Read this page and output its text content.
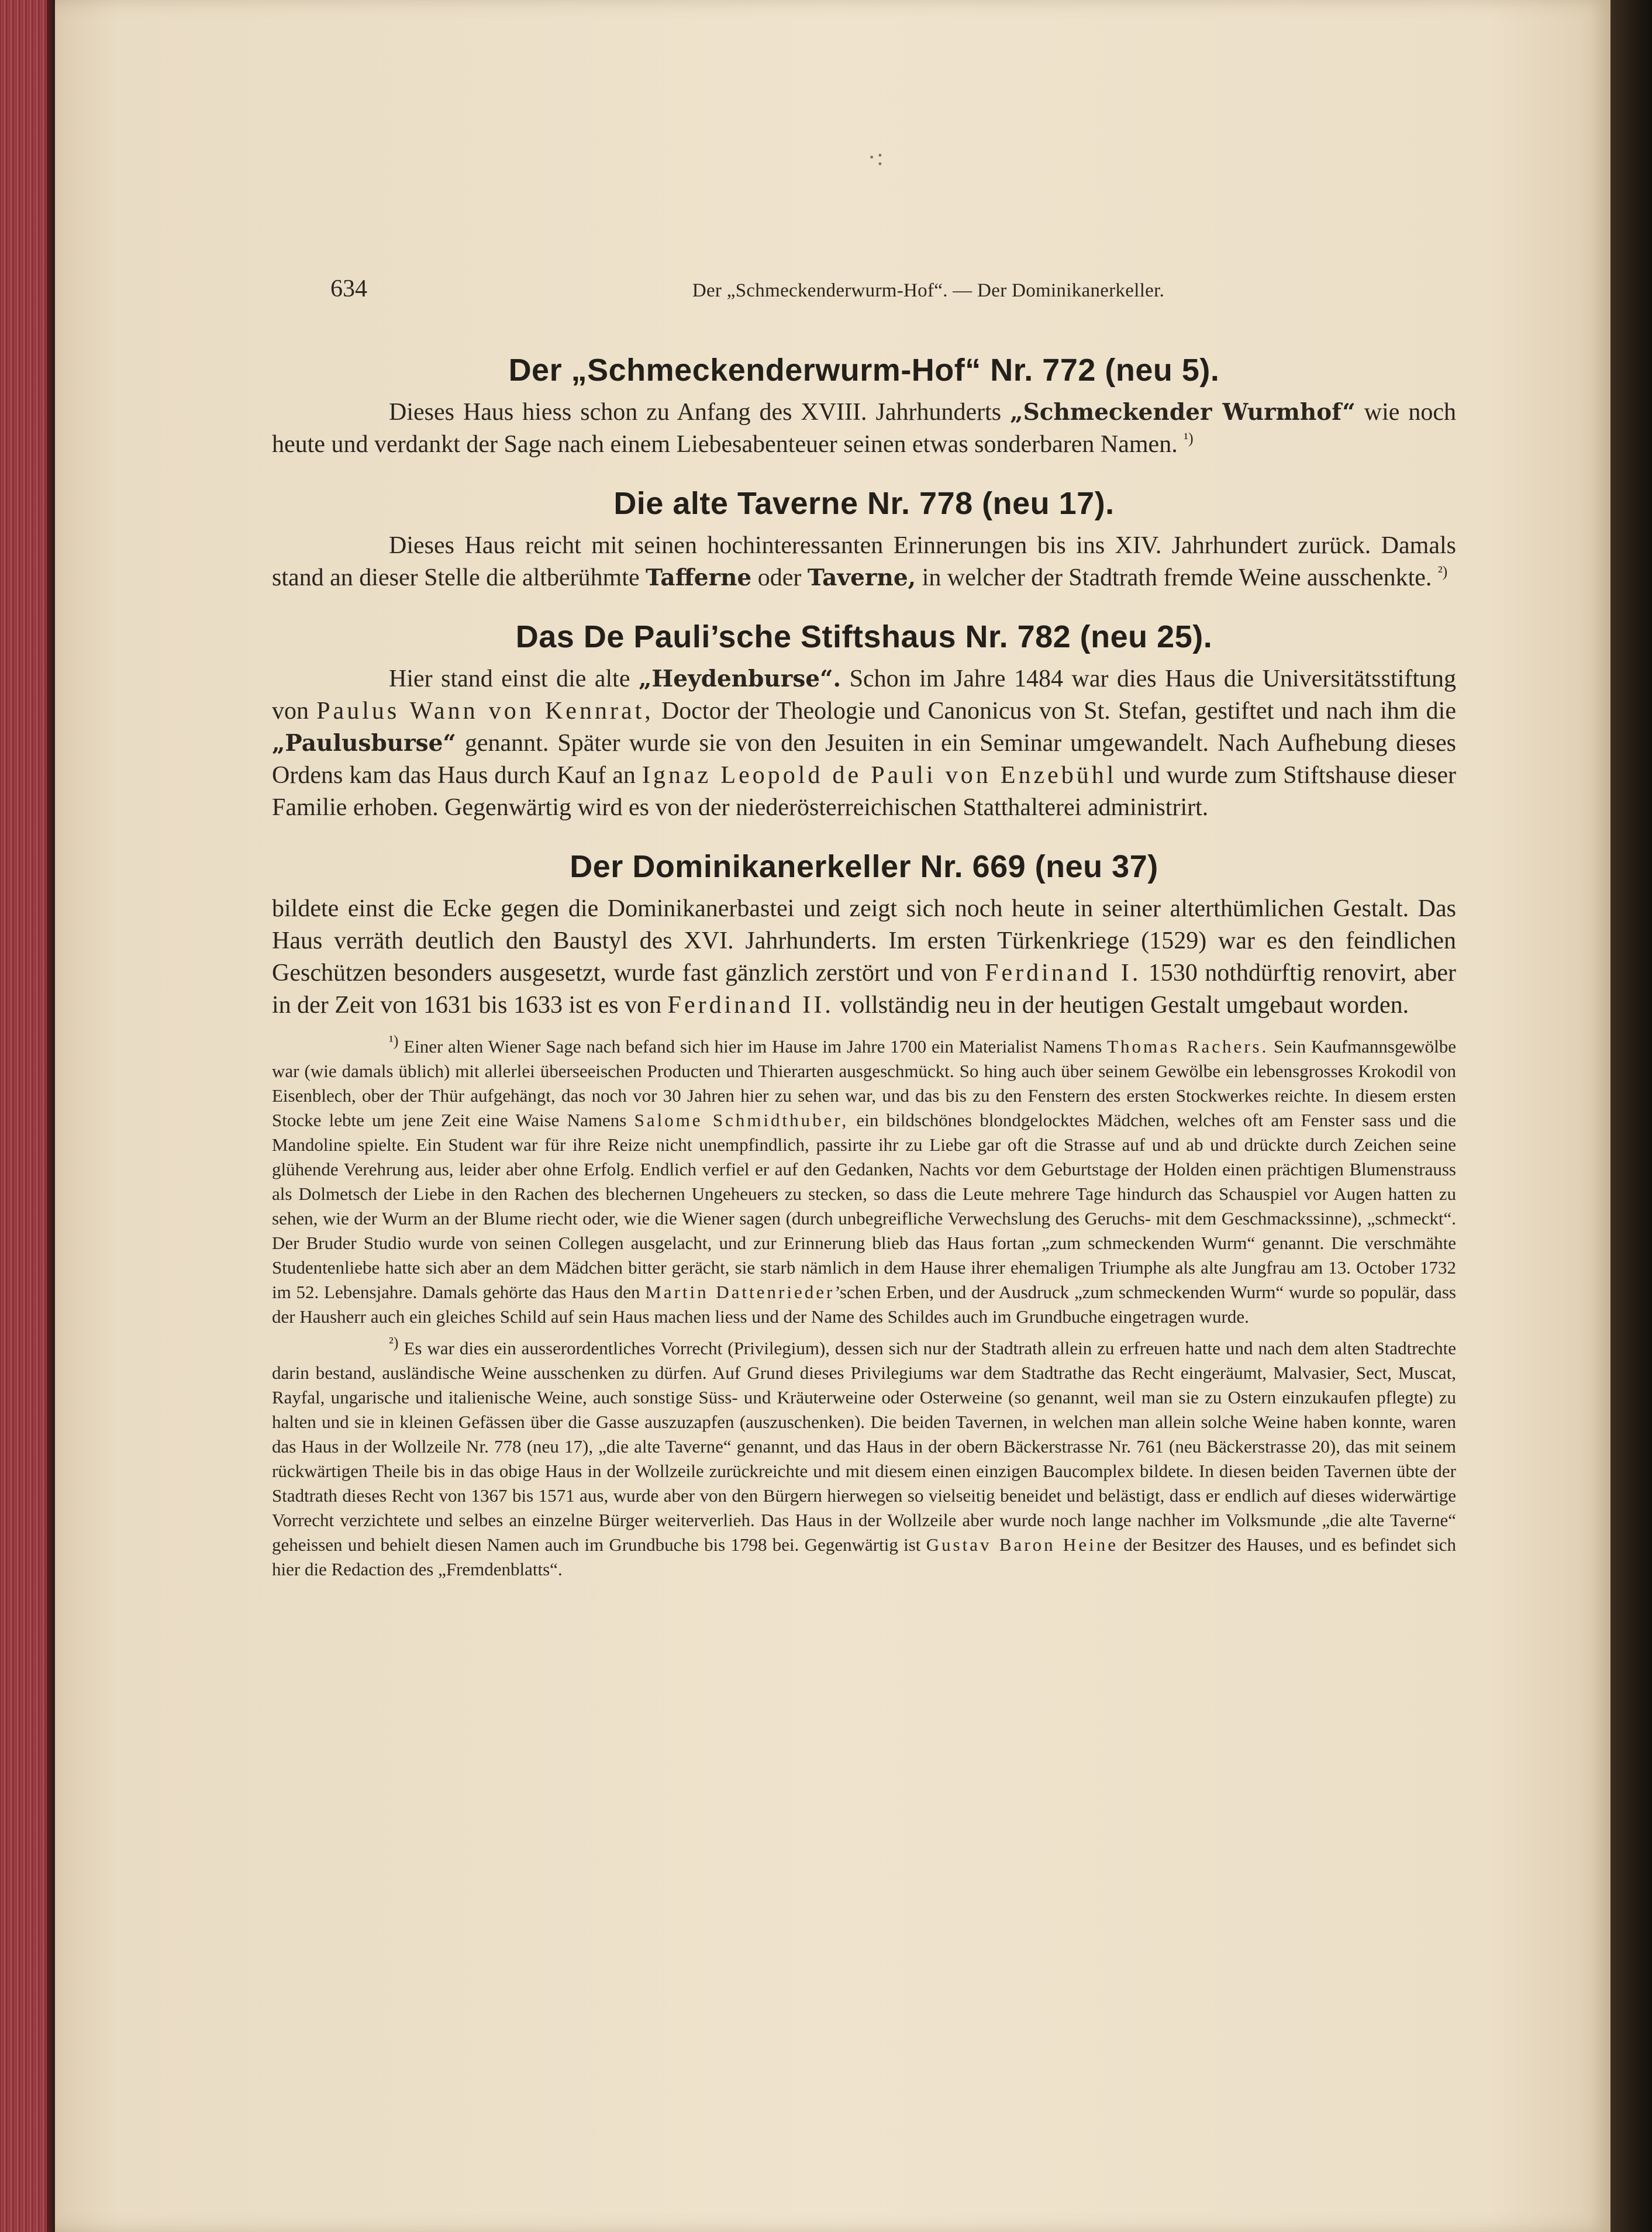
·:
634	Der „Schmeckenderwurm-Hof“. — Der Dominikanerkeller.
Der „Schmeckenderwurm-Hof“ Nr. 772 (neu 5).

Dieses Haus hiess schon zu Anfang des XVIII. Jahrhunderts „Schmeckender Wurmhof“ wie noch heute und verdankt der Sage nach einem Liebesabenteuer seinen etwas sonderbaren Namen. $^{^1)}$

Die alte Taverne Nr. 778 (neu 17).

Dieses Haus reicht mit seinen hochinteressanten Erinnerungen bis ins XIV. Jahrhundert zurück. Damals stand an dieser Stelle die altberühmte Tafferne oder Taverne, in welcher der Stadtrath fremde Weine ausschenkte. $^{^2)}$

Das De Pauli’sche Stiftshaus Nr. 782 (neu 25).

Hier stand einst die alte „Heydenburse“. Schon im Jahre 1484 war dies Haus die Universitätsstiftung von Paulus Wann von Kennrat, Doctor der Theologie und Canonicus von St. Stefan, gestiftet und nach ihm die „Paulusburse“ genannt. Später wurde sie von den Jesuiten in ein Seminar umgewandelt. Nach Aufhebung dieses Ordens kam das Haus durch Kauf an Ignaz Leopold de Pauli von Enzebühl und wurde zum Stiftshause dieser Familie erhoben. Gegenwärtig wird es von der niederösterreichischen Statthalterei administrirt.

Der Dominikanerkeller Nr. 669 (neu 37)

bildete einst die Ecke gegen die Dominikanerbastei und zeigt sich noch heute in seiner alterthümlichen Gestalt. Das Haus verräth deutlich den Baustyl des XVI. Jahrhunderts. Im ersten Türkenkriege (1529) war es den feindlichen Geschützen besonders ausgesetzt, wurde fast gänzlich zerstört und von Ferdinand I. 1530 nothdürftig renovirt, aber in der Zeit von 1631 bis 1633 ist es von Ferdinand II. vollständig neu in der heutigen Gestalt umgebaut worden.

$^{^1)}$ Einer alten Wiener Sage nach befand sich hier im Hause im Jahre 1700 ein Materialist Namens Thomas Rachers. Sein Kaufmannsgewölbe war (wie damals üblich) mit allerlei überseeischen Producten und Thierarten ausgeschmückt. So hing auch über seinem Gewölbe ein lebensgrosses Krokodil von Eisenblech, ober der Thür aufgehängt, das noch vor 30 Jahren hier zu sehen war, und das bis zu den Fenstern des ersten Stockwerkes reichte. In diesem ersten Stocke lebte um jene Zeit eine Waise Namens Salome Schmidthuber, ein bildschönes blondgelocktes Mädchen, welches oft am Fenster sass und die Mandoline spielte. Ein Student war für ihre Reize nicht unempfindlich, passirte ihr zu Liebe gar oft die Strasse auf und ab und drückte durch Zeichen seine glühende Verehrung aus, leider aber ohne Erfolg. Endlich verfiel er auf den Gedanken, Nachts vor dem Geburtstage der Holden einen prächtigen Blumenstrauss als Dolmetsch der Liebe in den Rachen des blechernen Ungeheuers zu stecken, so dass die Leute mehrere Tage hindurch das Schauspiel vor Augen hatten zu sehen, wie der Wurm an der Blume riecht oder, wie die Wiener sagen (durch unbegreifliche Verwechslung des Geruchs- mit dem Geschmackssinne), „schmeckt“. Der Bruder Studio wurde von seinen Collegen ausgelacht, und zur Erinnerung blieb das Haus fortan „zum schmeckenden Wurm“ genannt. Die verschmähte Studentenliebe hatte sich aber an dem Mädchen bitter gerächt, sie starb nämlich in dem Hause ihrer ehemaligen Triumphe als alte Jungfrau am 13. October 1732 im 52. Lebensjahre. Damals gehörte das Haus den Martin Dattenrieder’schen Erben, und der Ausdruck „zum schmeckenden Wurm“ wurde so populär, dass der Hausherr auch ein gleiches Schild auf sein Haus machen liess und der Name des Schildes auch im Grundbuche eingetragen wurde.

$^{^2)}$ Es war dies ein ausserordentliches Vorrecht (Privilegium), dessen sich nur der Stadtrath allein zu erfreuen hatte und nach dem alten Stadtrechte darin bestand, ausländische Weine ausschenken zu dürfen. Auf Grund dieses Privilegiums war dem Stadtrathe das Recht eingeräumt, Malvasier, Sect, Muscat, Rayfal, ungarische und italienische Weine, auch sonstige Süss- und Kräuterweine oder Osterweine (so genannt, weil man sie zu Ostern einzukaufen pflegte) zu halten und sie in kleinen Gefässen über die Gasse auszuzapfen (auszuschenken). Die beiden Tavernen, in welchen man allein solche Weine haben konnte, waren das Haus in der Wollzeile Nr. 778 (neu 17), „die alte Taverne“ genannt, und das Haus in der obern Bäckerstrasse Nr. 761 (neu Bäckerstrasse 20), das mit seinem rückwärtigen Theile bis in das obige Haus in der Wollzeile zurückreichte und mit diesem einen einzigen Baucomplex bildete. In diesen beiden Tavernen übte der Stadtrath dieses Recht von 1367 bis 1571 aus, wurde aber von den Bürgern hierwegen so vielseitig beneidet und belästigt, dass er endlich auf dieses widerwärtige Vorrecht verzichtete und selbes an einzelne Bürger weiterverlieh. Das Haus in der Wollzeile aber wurde noch lange nachher im Volksmunde „die alte Taverne“ geheissen und behielt diesen Namen auch im Grundbuche bis 1798 bei. Gegenwärtig ist Gustav Baron Heine der Besitzer des Hauses, und es befindet sich hier die Redaction des „Fremdenblatts“.
